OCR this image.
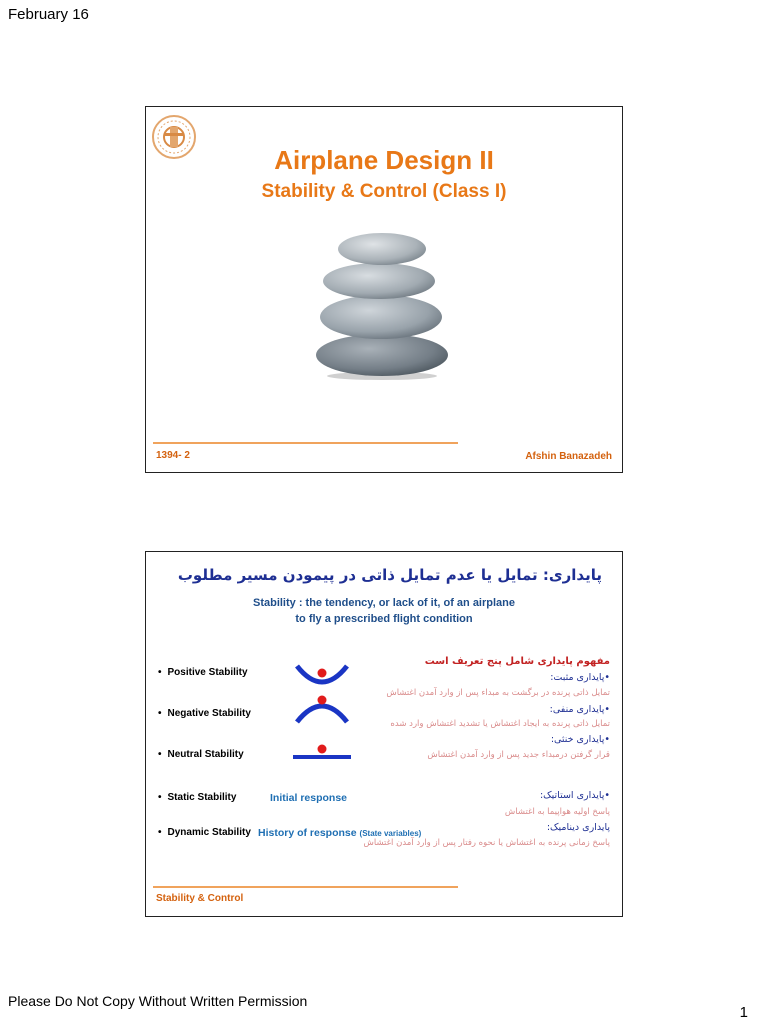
February 16
Airplane Design II
Stability & Control (Class I)
1394- 2	Afshin Banazadeh
پایداری: تمایل یا عدم تمایل ذاتی در پیمودن مسیر مطلوب
Stability : the tendency, or lack of it, of an airplane
to fly a prescribed flight condition
• Positive Stability
• Negative Stability
• Neutral Stability
• Static Stability
• Dynamic Stability
Initial response
History of response (State variables)
مفهوم پایداری شامل پنج تعریف است
•پایداری مثبت:
تمایل ذاتی پرنده در برگشت به مبداء پس از وارد آمدن اغتشاش
•پایداری منفی:
تمایل ذاتی پرنده به ایجاد اغتشاش یا تشدید اغتشاش وارد شده
•پایداری خنثی:
قرار گرفتن درمبداء جدید پس از وارد آمدن اغتشاش
•پایداری استاتیک:
پاسخ اولیه هواپیما به اغتشاش
پایداری دینامیک:
پاسخ زمانی پرنده به اغتشاش یا نحوه رفتار پس از وارد آمدن اغتشاش
Stability & Control
Please Do Not Copy Without Written Permission
1
